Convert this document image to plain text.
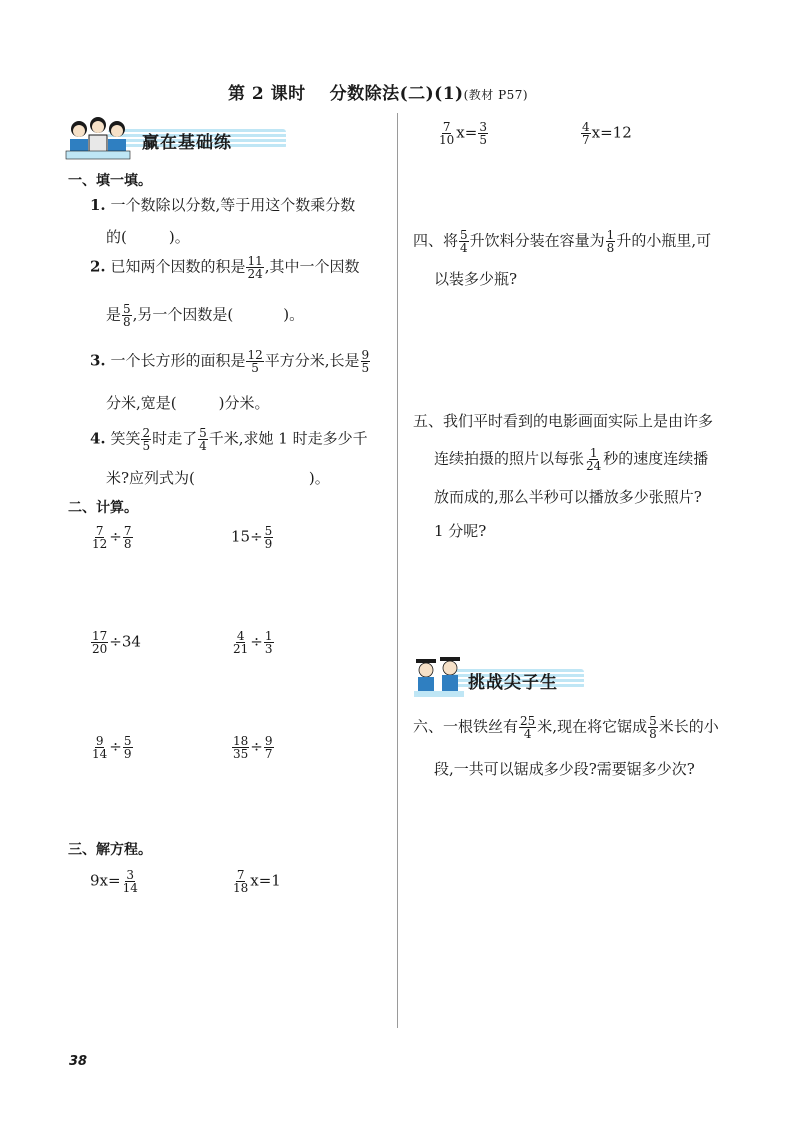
第 2 课时　 分数除法(二)(1)(教材 P57)
赢在基础练
一、填一填。
1. 一个数除以分数,等于用这个数乘分数
的(	)。
2. 已知两个因数的积是 $\frac{11}{24}$ ,其中一个因数
是 $\frac{5}{8}$ ,另一个因数是(	)。
3. 一个长方形的面积是 $\frac{12}{5}$ 平方分米,长是 $\frac{9}{5}$
分米,宽是(	)分米。
4. 笑笑 $\frac{2}{5}$ 时走了 $\frac{5}{4}$ 千米,求她 1 时走多少千
米?应列式为(	)。
二、计算。
$\frac{7}{12} \div \frac{7}{8}$	$15\div \frac{5}{9}$
$\frac{17}{20} \div 34$	$\frac{4}{21} \div \frac{1}{3}$
$\frac{9}{14} \div \frac{5}{9}$	$\frac{18}{35} \div \frac{9}{7}$
三、解方程。
$9x= \frac{3}{14}$	$\frac{7}{18} x=1$
$\frac{7}{10} x= \frac{3}{5}$	$\frac{4}{7} x=12$
四、将 $\frac{5}{4}$ 升饮料分装在容量为 $\frac{1}{8}$ 升的小瓶里,可
以装多少瓶?
五、我们平时看到的电影画面实际上是由许多
连续拍摄的照片以每张 $\frac{1}{24}$ 秒的速度连续播
放而成的,那么半秒可以播放多少张照片?
1 分呢?
挑战尖子生
六、一根铁丝有 $\frac{25}{4}$ 米,现在将它锯成 $\frac{5}{8}$ 米长的小
段,一共可以锯成多少段?需要锯多少次?
38
